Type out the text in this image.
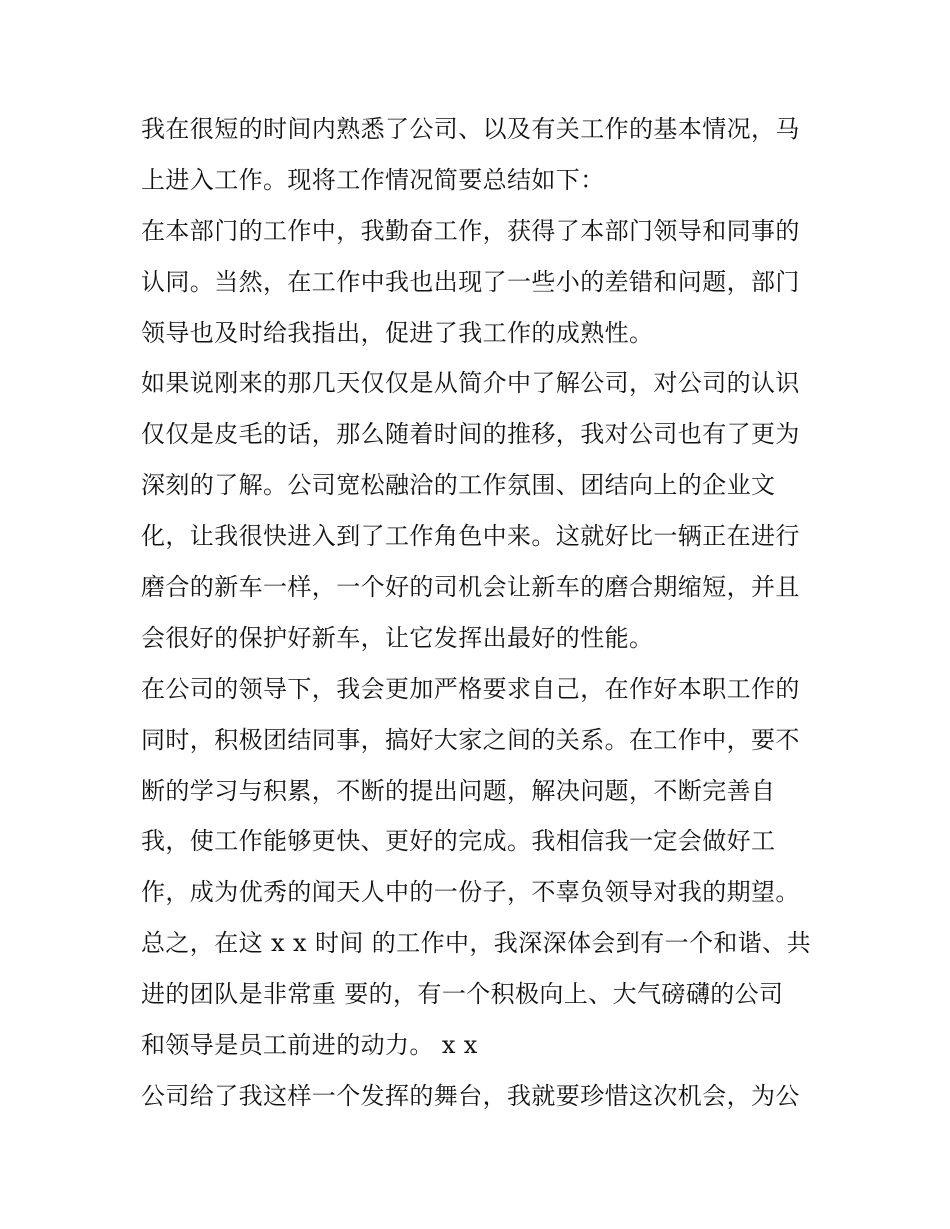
我在很短的时间内熟悉了公司、以及有关工作的基本情况，马
上进入工作。现将工作情况简要总结如下：
在本部门的工作中，我勤奋工作，获得了本部门领导和同事的
认同。当然，在工作中我也出现了一些小的差错和问题，部门
领导也及时给我指出，促进了我工作的成熟性。
如果说刚来的那几天仅仅是从简介中了解公司，对公司的认识
仅仅是皮毛的话，那么随着时间的推移，我对公司也有了更为
深刻的了解。公司宽松融洽的工作氛围、团结向上的企业文
化，让我很快进入到了工作角色中来。这就好比一辆正在进行
磨合的新车一样，一个好的司机会让新车的磨合期缩短，并且
会很好的保护好新车，让它发挥出最好的性能。
在公司的领导下，我会更加严格要求自己，在作好本职工作的
同时，积极团结同事，搞好大家之间的关系。在工作中，要不
断的学习与积累，不断的提出问题，解决问题，不断完善自
我，使工作能够更快、更好的完成。我相信我一定会做好工
作，成为优秀的闻天人中的一份子，不辜负领导对我的期望。
总之，在这 x x 时间 的工作中，我深深体会到有一个和谐、共
进的团队是非常重 要的，有一个积极向上、大气磅礴的公司
和领导是员工前进的动力。 x x
公司给了我这样一个发挥的舞台，我就要珍惜这次机会，为公
